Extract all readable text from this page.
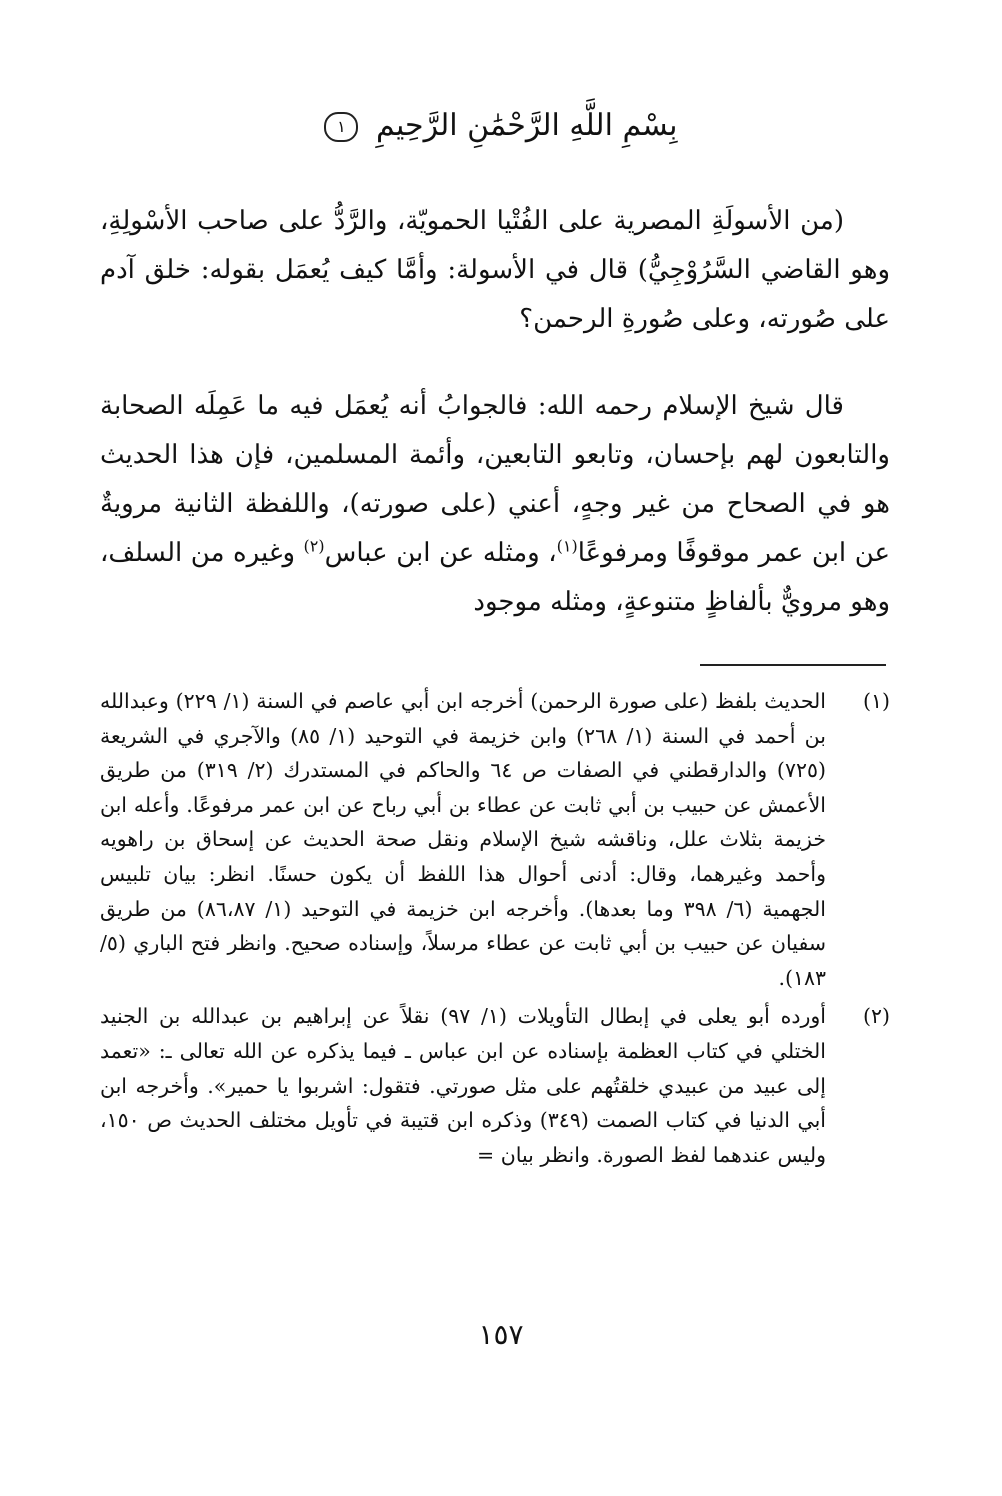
بِسْمِ اللَّهِ الرَّحْمَٰنِ الرَّحِيمِ ١

(من الأسولَةِ المصرية على الفُتْيا الحمويّة، والرَّدُّ على صاحب الأسْولِةِ، وهو القاضي السَّرُوْجِيُّ) قال في الأسولة: وأمَّا كيف يُعمَل بقوله: خلق آدم على صُورته، وعلى صُورةِ الرحمن؟

قال شيخ الإسلام رحمه الله: فالجوابُ أنه يُعمَل فيه ما عَمِلَه الصحابة والتابعون لهم بإحسان، وتابعو التابعين، وأئمة المسلمين، فإن هذا الحديث هو في الصحاح من غير وجهٍ، أعني (على صورته)، واللفظة الثانية مرويةٌ عن ابن عمر موقوفًا ومرفوعًا$^{(١)}$، ومثله عن ابن عباس$^{(٢)}$ وغيره من السلف، وهو مرويٌّ بألفاظٍ متنوعةٍ، ومثله موجود

(١)
الحديث بلفظ (على صورة الرحمن) أخرجه ابن أبي عاصم في السنة (١/ ٢٢٩) وعبدالله بن أحمد في السنة (١/ ٢٦٨) وابن خزيمة في التوحيد (١/ ٨٥) والآجري في الشريعة (٧٢٥) والدارقطني في الصفات ص ٦٤ والحاكم في المستدرك (٢/ ٣١٩) من طريق الأعمش عن حبيب بن أبي ثابت عن عطاء بن أبي رباح عن ابن عمر مرفوعًا. وأعله ابن خزيمة بثلاث علل، وناقشه شيخ الإسلام ونقل صحة الحديث عن إسحاق بن راهويه وأحمد وغيرهما، وقال: أدنى أحوال هذا اللفظ أن يكون حسنًا. انظر: بيان تلبيس الجهمية (٦/ ٣٩٨ وما بعدها). وأخرجه ابن خزيمة في التوحيد (١/ ٨٦،٨٧) من طريق سفيان عن حبيب بن أبي ثابت عن عطاء مرسلاً، وإسناده صحيح. وانظر فتح الباري (٥/ ١٨٣).
(٢)
أورده أبو يعلى في إبطال التأويلات (١/ ٩٧) نقلاً عن إبراهيم بن عبدالله بن الجنيد الختلي في كتاب العظمة بإسناده عن ابن عباس ـ فيما يذكره عن الله تعالى ـ: «تعمد إلى عبيد من عبيدي خلقتُهم على مثل صورتي. فتقول: اشربوا يا حمير». وأخرجه ابن أبي الدنيا في كتاب الصمت (٣٤٩) وذكره ابن قتيبة في تأويل مختلف الحديث ص ١٥٠، وليس عندهما لفظ الصورة. وانظر بيان =
١٥٧
